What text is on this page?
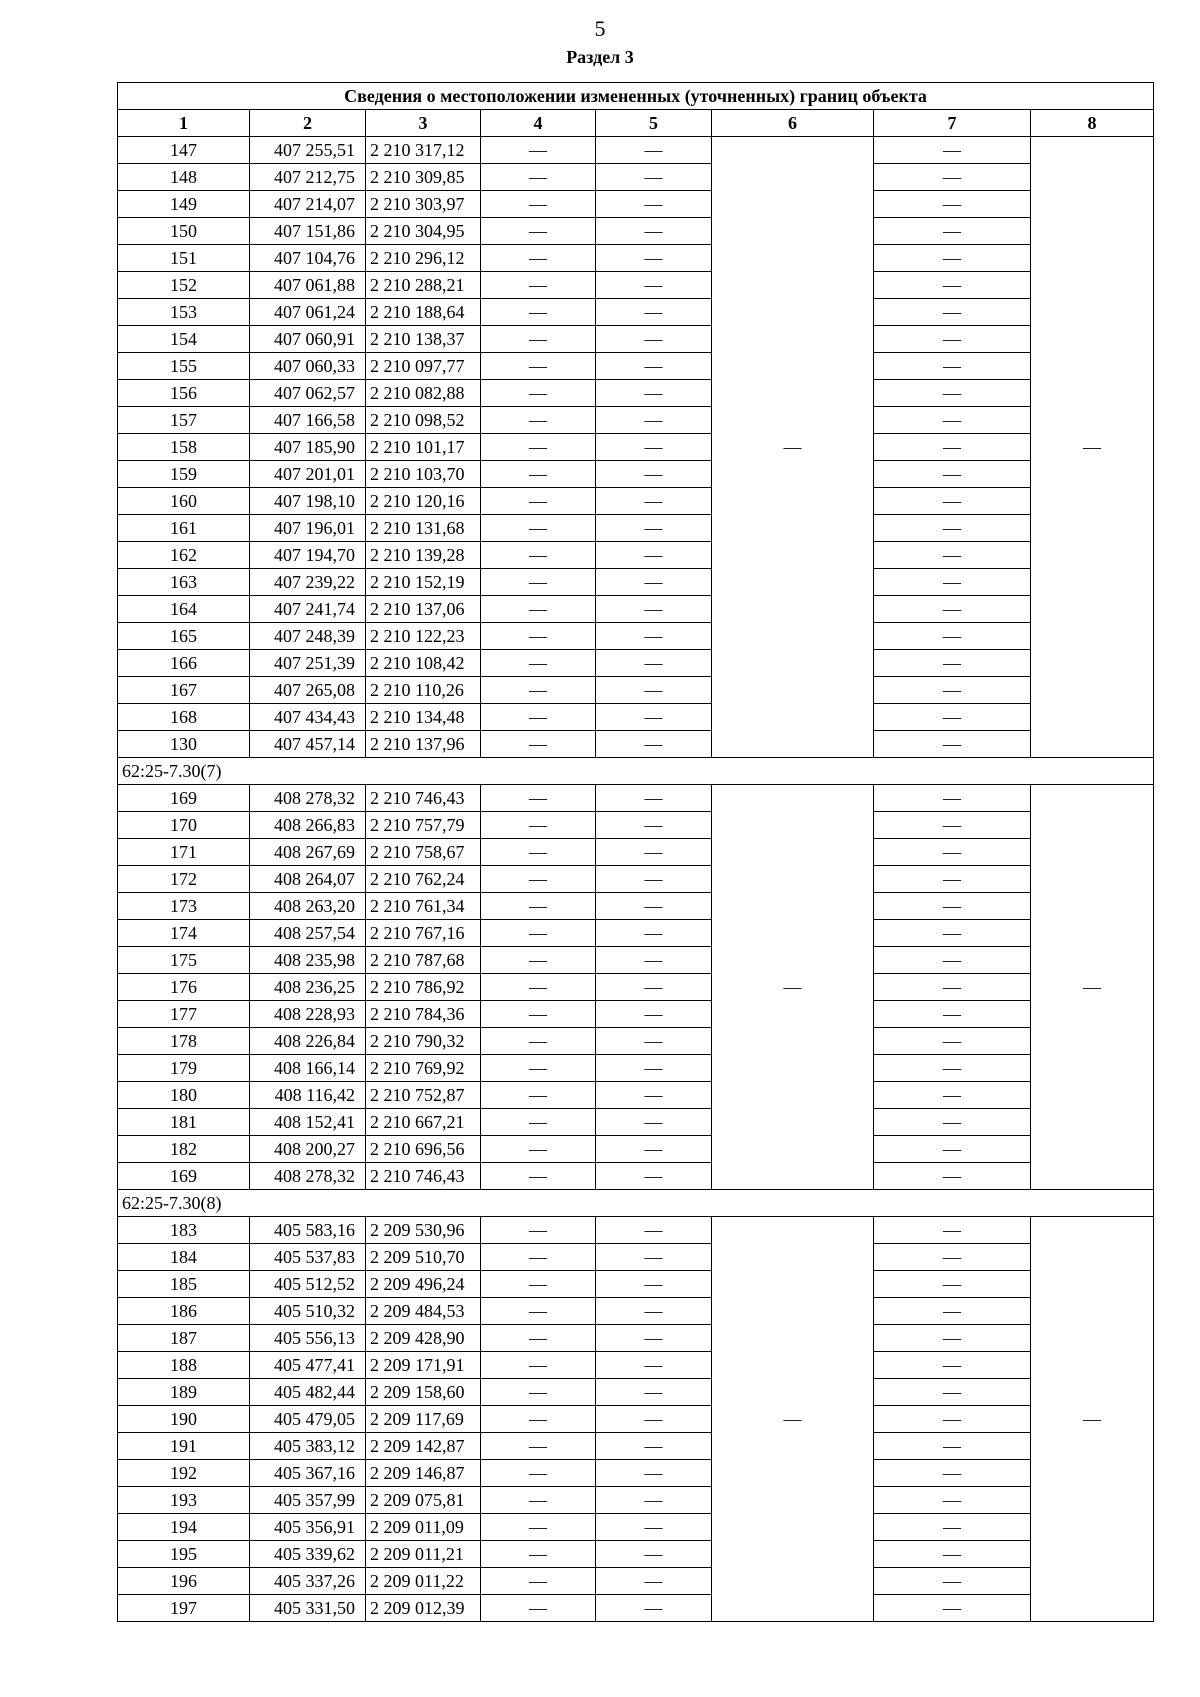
5
Раздел 3
Сведения о местоположении измененных (уточненных) границ объекта							
1	2	3	4	5	6	7	8
147	407 255,51	2 210 317,12	—	—	—	—	—
148	407 212,75	2 210 309,85	—	—		—	
149	407 214,07	2 210 303,97	—	—		—	
150	407 151,86	2 210 304,95	—	—		—	
151	407 104,76	2 210 296,12	—	—		—	
152	407 061,88	2 210 288,21	—	—		—	
153	407 061,24	2 210 188,64	—	—		—	
154	407 060,91	2 210 138,37	—	—		—	
155	407 060,33	2 210 097,77	—	—		—	
156	407 062,57	2 210 082,88	—	—		—	
157	407 166,58	2 210 098,52	—	—		—	
158	407 185,90	2 210 101,17	—	—		—	
159	407 201,01	2 210 103,70	—	—		—	
160	407 198,10	2 210 120,16	—	—		—	
161	407 196,01	2 210 131,68	—	—		—	
162	407 194,70	2 210 139,28	—	—		—	
163	407 239,22	2 210 152,19	—	—		—	
164	407 241,74	2 210 137,06	—	—		—	
165	407 248,39	2 210 122,23	—	—		—	
166	407 251,39	2 210 108,42	—	—		—	
167	407 265,08	2 210 110,26	—	—		—	
168	407 434,43	2 210 134,48	—	—		—	
130	407 457,14	2 210 137,96	—	—		—	
62:25-7.30(7)							
169	408 278,32	2 210 746,43	—	—	—	—	—
170	408 266,83	2 210 757,79	—	—		—	
171	408 267,69	2 210 758,67	—	—		—	
172	408 264,07	2 210 762,24	—	—		—	
173	408 263,20	2 210 761,34	—	—		—	
174	408 257,54	2 210 767,16	—	—		—	
175	408 235,98	2 210 787,68	—	—		—	
176	408 236,25	2 210 786,92	—	—		—	
177	408 228,93	2 210 784,36	—	—		—	
178	408 226,84	2 210 790,32	—	—		—	
179	408 166,14	2 210 769,92	—	—		—	
180	408 116,42	2 210 752,87	—	—		—	
181	408 152,41	2 210 667,21	—	—		—	
182	408 200,27	2 210 696,56	—	—		—	
169	408 278,32	2 210 746,43	—	—		—	
62:25-7.30(8)							
183	405 583,16	2 209 530,96	—	—	—	—	—
184	405 537,83	2 209 510,70	—	—		—	
185	405 512,52	2 209 496,24	—	—		—	
186	405 510,32	2 209 484,53	—	—		—	
187	405 556,13	2 209 428,90	—	—		—	
188	405 477,41	2 209 171,91	—	—		—	
189	405 482,44	2 209 158,60	—	—		—	
190	405 479,05	2 209 117,69	—	—		—	
191	405 383,12	2 209 142,87	—	—		—	
192	405 367,16	2 209 146,87	—	—		—	
193	405 357,99	2 209 075,81	—	—		—	
194	405 356,91	2 209 011,09	—	—		—	
195	405 339,62	2 209 011,21	—	—		—	
196	405 337,26	2 209 011,22	—	—		—	
197	405 331,50	2 209 012,39	—	—		—	
